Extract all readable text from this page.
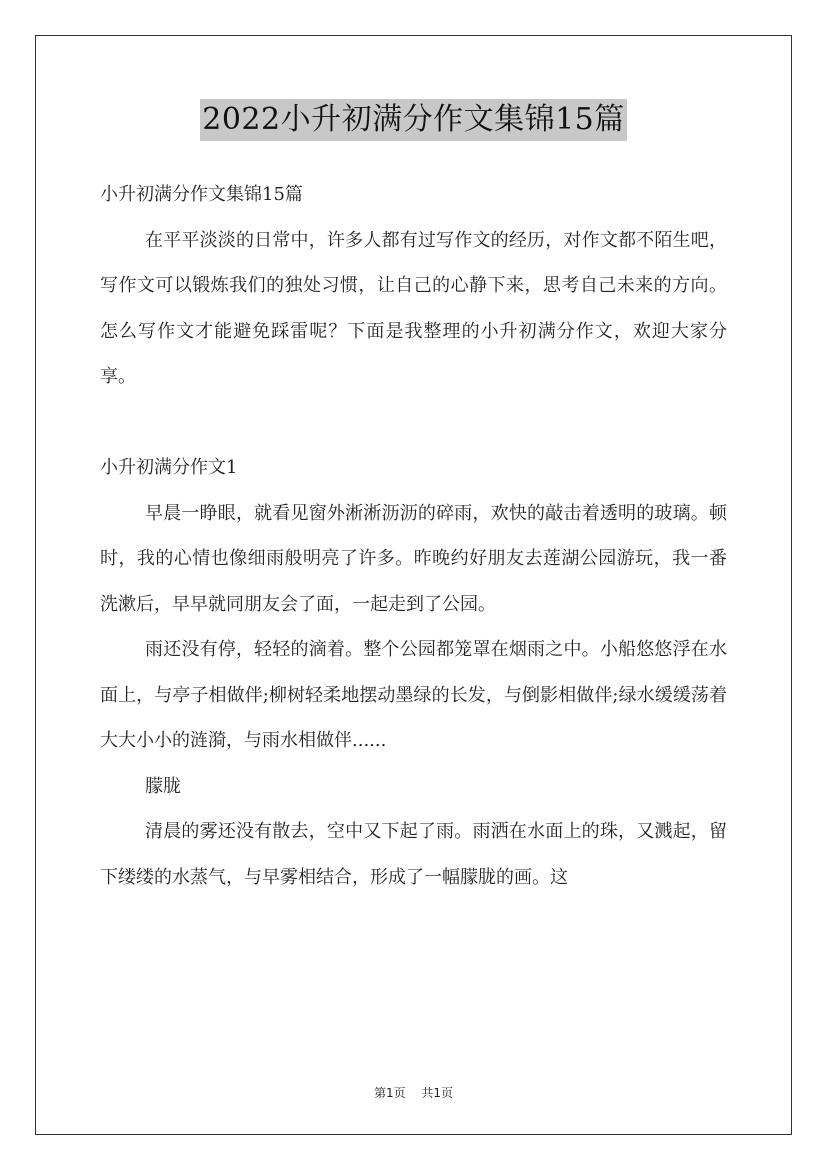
2022小升初满分作文集锦15篇

小升初满分作文集锦15篇

在平平淡淡的日常中，许多人都有过写作文的经历，对作文都不陌生吧，写作文可以锻炼我们的独处习惯，让自己的心静下来，思考自己未来的方向。怎么写作文才能避免踩雷呢？下面是我整理的小升初满分作文，欢迎大家分享。

小升初满分作文1

早晨一睁眼，就看见窗外淅淅沥沥的碎雨，欢快的敲击着透明的玻璃。顿时，我的心情也像细雨般明亮了许多。昨晚约好朋友去莲湖公园游玩，我一番洗漱后，早早就同朋友会了面，一起走到了公园。

雨还没有停，轻轻的滴着。整个公园都笼罩在烟雨之中。小船悠悠浮在水面上，与亭子相做伴;柳树轻柔地摆动墨绿的长发，与倒影相做伴;绿水缓缓荡着大大小小的涟漪，与雨水相做伴......

朦胧

清晨的雾还没有散去，空中又下起了雨。雨洒在水面上的珠，又溅起，留下缕缕的水蒸气，与早雾相结合，形成了一幅朦胧的画。这

第1页 共1页
